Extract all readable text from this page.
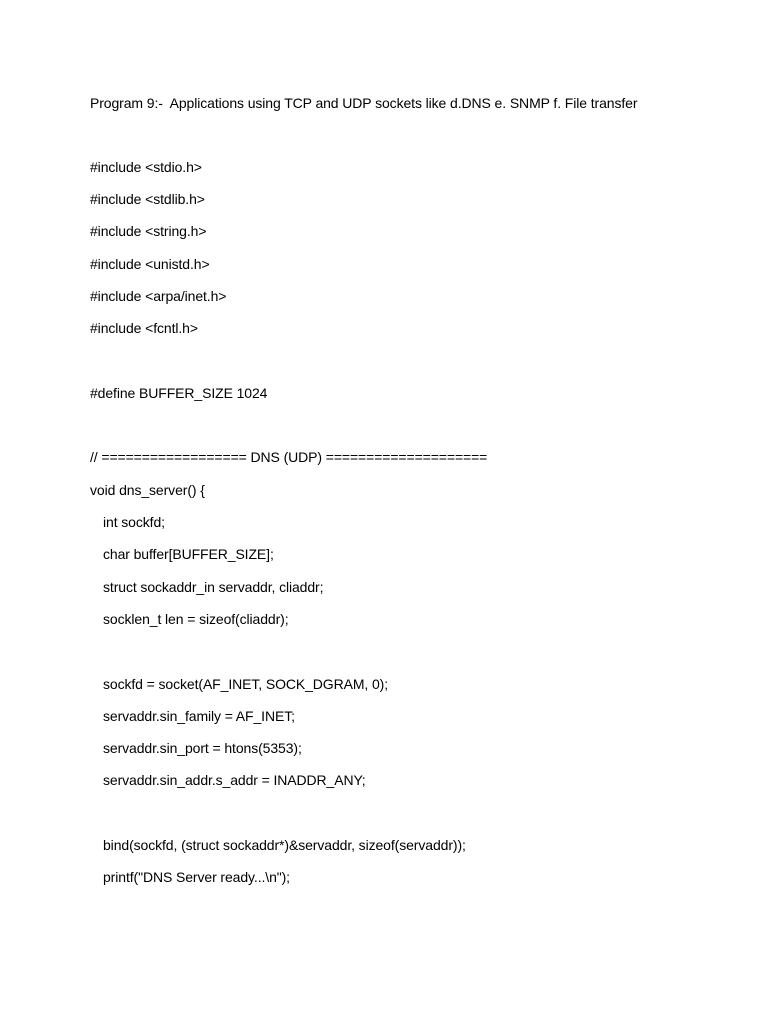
Program 9:-  Applications using TCP and UDP sockets like d.DNS e. SNMP f. File transfer
#include <stdio.h>
#include <stdlib.h>
#include <string.h>
#include <unistd.h>
#include <arpa/inet.h>
#include <fcntl.h>
#define BUFFER_SIZE 1024
// ================== DNS (UDP) ====================
void dns_server() {
int sockfd;
char buffer[BUFFER_SIZE];
struct sockaddr_in servaddr, cliaddr;
socklen_t len = sizeof(cliaddr);
sockfd = socket(AF_INET, SOCK_DGRAM, 0);
servaddr.sin_family = AF_INET;
servaddr.sin_port = htons(5353);
servaddr.sin_addr.s_addr = INADDR_ANY;
bind(sockfd, (struct sockaddr*)&servaddr, sizeof(servaddr));
printf("DNS Server ready...\n");
